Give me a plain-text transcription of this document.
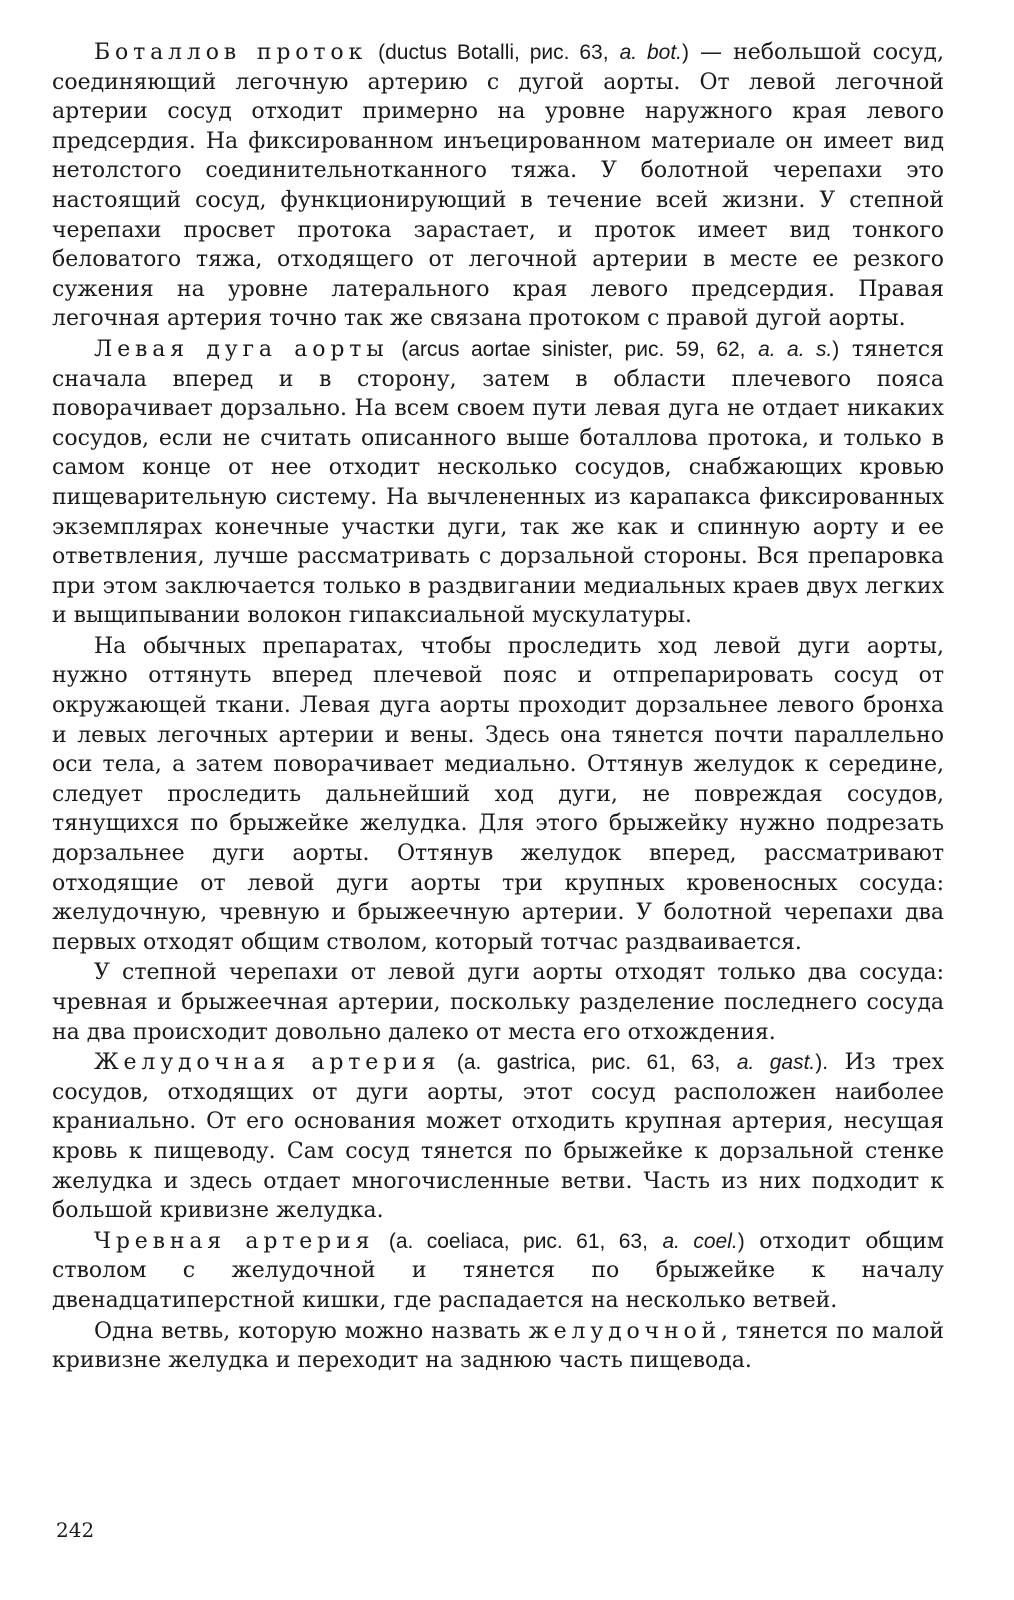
Боталлов проток (ductus Botalli, рис. 63, a. bot.) — небольшой сосуд, соединяющий легочную артерию с дугой аорты. От левой легочной артерии сосуд отходит примерно на уровне наружного края левого предсердия. На фиксированном инъецированном материале он имеет вид нетолстого соединительнотканного тяжа. У болотной черепахи это настоящий сосуд, функционирующий в течение всей жизни. У степной черепахи просвет протока зарастает, и проток имеет вид тонкого беловатого тяжа, отходящего от легочной артерии в месте ее резкого сужения на уровне латерального края левого предсердия. Правая легочная артерия точно так же связана протоком с правой дугой аорты.

Левая дуга аорты (arcus aortae sinister, рис. 59, 62, a. a. s.) тянется сначала вперед и в сторону, затем в области плечевого пояса поворачивает дорзально. На всем своем пути левая дуга не отдает никаких сосудов, если не считать описанного выше боталлова протока, и только в самом конце от нее отходит несколько сосудов, снабжающих кровью пищеварительную систему. На вычлененных из карапакса фиксированных экземплярах конечные участки дуги, так же как и спинную аорту и ее ответвления, лучше рассматривать с дорзальной стороны. Вся препаровка при этом заключается только в раздвигании медиальных краев двух легких и выщипывании волокон гипаксиальной мускулатуры.

На обычных препаратах, чтобы проследить ход левой дуги аорты, нужно оттянуть вперед плечевой пояс и отпрепарировать сосуд от окружающей ткани. Левая дуга аорты проходит дорзальнее левого бронха и левых легочных артерии и вены. Здесь она тянется почти параллельно оси тела, а затем поворачивает медиально. Оттянув желудок к середине, следует проследить дальнейший ход дуги, не повреждая сосудов, тянущихся по брыжейке желудка. Для этого брыжейку нужно подрезать дорзальнее дуги аорты. Оттянув желудок вперед, рассматривают отходящие от левой дуги аорты три крупных кровеносных сосуда: желудочную, чревную и брыжеечную артерии. У болотной черепахи два первых отходят общим стволом, который тотчас раздваивается.

У степной черепахи от левой дуги аорты отходят только два сосуда: чревная и брыжеечная артерии, поскольку разделение последнего сосуда на два происходит довольно далеко от места его отхождения.

Желудочная артерия (a. gastrica, рис. 61, 63, a. gast.). Из трех сосудов, отходящих от дуги аорты, этот сосуд расположен наиболее краниально. От его основания может отходить крупная артерия, несущая кровь к пищеводу. Сам сосуд тянется по брыжейке к дорзальной стенке желудка и здесь отдает многочисленные ветви. Часть из них подходит к большой кривизне желудка.

Чревная артерия (a. coeliaca, рис. 61, 63, a. coel.) отходит общим стволом с желудочной и тянется по брыжейке к началу двенадцатиперстной кишки, где распадается на несколько ветвей.

Одна ветвь, которую можно назвать желудочной, тянется по малой кривизне желудка и переходит на заднюю часть пищевода.

242
